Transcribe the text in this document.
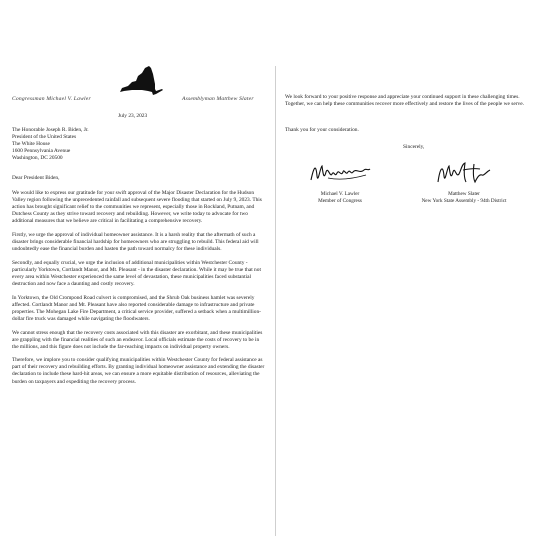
Congressman Michael V. Lawler	Assemblyman Matthew Slater
July 23, 2023
The Honorable Joseph R. Biden, Jr.
President of the United States
The White House
1600 Pennsylvania Avenue
Washington, DC 20500
Dear President Biden,

We would like to express our gratitude for your swift approval of the Major Disaster Declaration for the Hudson Valley region following the unprecedented rainfall and subsequent severe flooding that started on July 9, 2023. This action has brought significant relief to the communities we represent, especially those in Rockland, Putnam, and Dutchess County as they strive toward recovery and rebuilding. However, we write today to advocate for two additional measures that we believe are critical in facilitating a comprehensive recovery.

Firstly, we urge the approval of individual homeowner assistance. It is a harsh reality that the aftermath of such a disaster brings considerable financial hardship for homeowners who are struggling to rebuild. This federal aid will undoubtedly ease the financial burden and hasten the path toward normalcy for these individuals.

Secondly, and equally crucial, we urge the inclusion of additional municipalities within Westchester County - particularly Yorktown, Cortlandt Manor, and Mt. Pleasant - in the disaster declaration. While it may be true that not every area within Westchester experienced the same level of devastation, these municipalities faced substantial destruction and now face a daunting and costly recovery.

In Yorktown, the Old Crompond Road culvert is compromised, and the Shrub Oak business hamlet was severely affected. Cortlandt Manor and Mt. Pleasant have also reported considerable damage to infrastructure and private properties. The Mohegan Lake Fire Department, a critical service provider, suffered a setback when a multimillion-dollar fire truck was damaged while navigating the floodwaters.

We cannot stress enough that the recovery costs associated with this disaster are exorbitant, and these municipalities are grappling with the financial realities of such an endeavor. Local officials estimate the costs of recovery to be in the millions, and this figure does not include the far-reaching impacts on individual property owners.

Therefore, we implore you to consider qualifying municipalities within Westchester County for federal assistance as part of their recovery and rebuilding efforts. By granting individual homeowner assistance and extending the disaster declaration to include these hard-hit areas, we can ensure a more equitable distribution of resources, alleviating the burden on taxpayers and expediting the recovery process.

We look forward to your positive response and appreciate your continued support in these challenging times. Together, we can help these communities recover more effectively and restore the lives of the people we serve.

Thank you for your consideration.
Sincerely,
Michael V. Lawler
Member of Congress
Matthew Slater
New York State Assembly - 94th District
